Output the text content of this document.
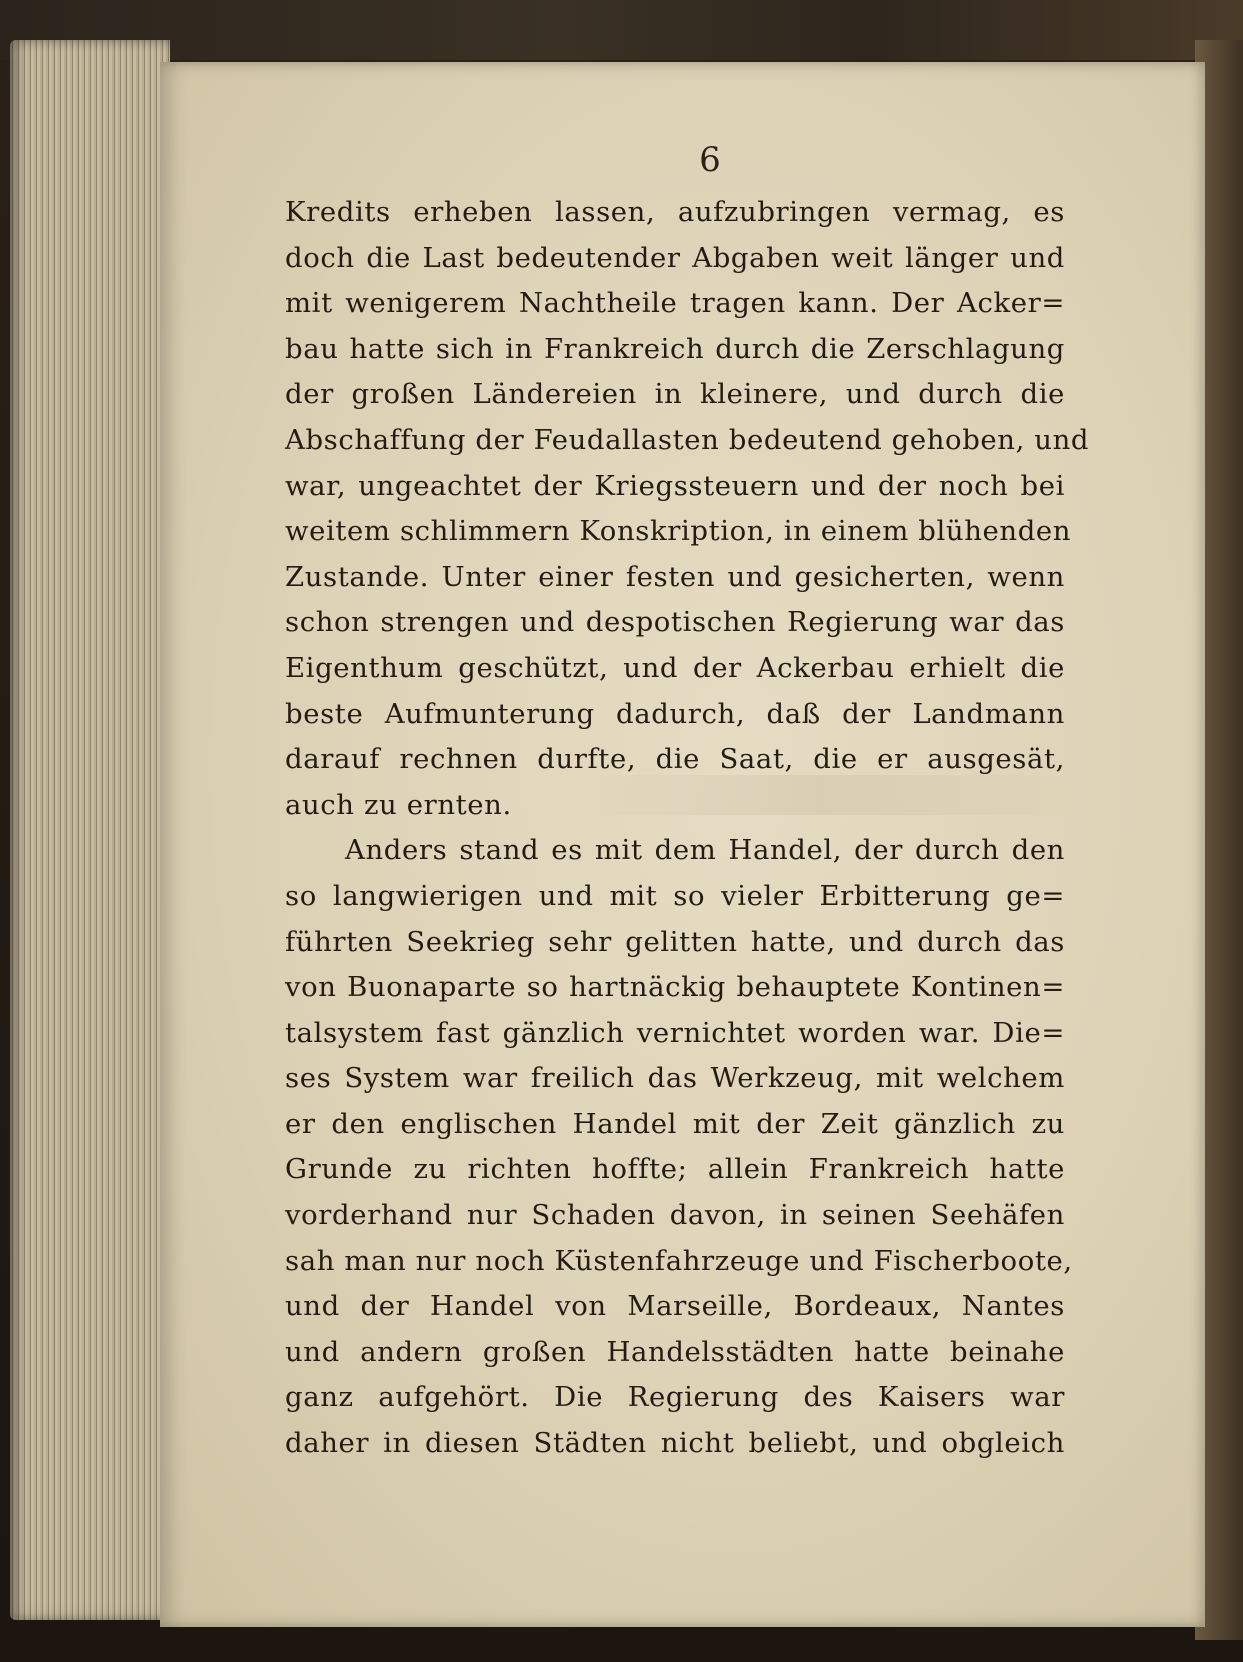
6
Kredits erheben lassen, aufzubringen vermag, es
doch die Last bedeutender Abgaben weit länger und
mit wenigerem Nachtheile tragen kann. Der Acker=
bau hatte sich in Frankreich durch die Zerschlagung
der großen Ländereien in kleinere, und durch die
Abschaffung der Feudallasten bedeutend gehoben, und
war, ungeachtet der Kriegssteuern und der noch bei
weitem schlimmern Konskription, in einem blühenden
Zustande. Unter einer festen und gesicherten, wenn
schon strengen und despotischen Regierung war das
Eigenthum geschützt, und der Ackerbau erhielt die
beste Aufmunterung dadurch, daß der Landmann
darauf rechnen durfte, die Saat, die er ausgesät,
auch zu ernten.
Anders stand es mit dem Handel, der durch den
so langwierigen und mit so vieler Erbitterung ge=
führten Seekrieg sehr gelitten hatte, und durch das
von Buonaparte so hartnäckig behauptete Kontinen=
talsystem fast gänzlich vernichtet worden war. Die=
ses System war freilich das Werkzeug, mit welchem
er den englischen Handel mit der Zeit gänzlich zu
Grunde zu richten hoffte; allein Frankreich hatte
vorderhand nur Schaden davon, in seinen Seehäfen
sah man nur noch Küstenfahrzeuge und Fischerboote,
und der Handel von Marseille, Bordeaux, Nantes
und andern großen Handelsstädten hatte beinahe
ganz aufgehört. Die Regierung des Kaisers war
daher in diesen Städten nicht beliebt, und obgleich
